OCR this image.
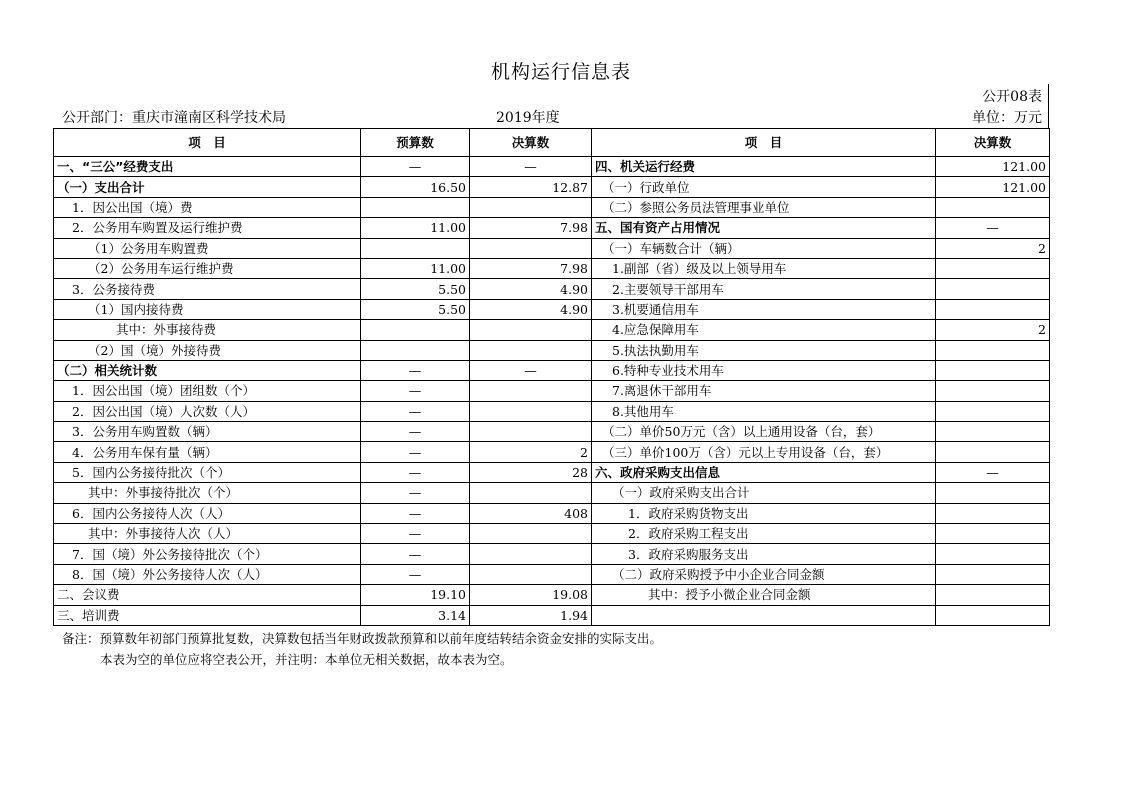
机构运行信息表
公开08表
公开部门：重庆市潼南区科学技术局	2019年度	单位：万元
项　目	预算数	决算数	项　目	决算数
一、“三公”经费支出	—	—	四、机关运行经费	121.00
（一）支出合计	16.50	12.87	（一）行政单位	121.00
1．因公出国（境）费			（二）参照公务员法管理事业单位	
2．公务用车购置及运行维护费	11.00	7.98	五、国有资产占用情况	—
（1）公务用车购置费			（一）车辆数合计（辆）	2
（2）公务用车运行维护费	11.00	7.98	1.副部（省）级及以上领导用车	
3．公务接待费	5.50	4.90	2.主要领导干部用车	
（1）国内接待费	5.50	4.90	3.机要通信用车	
其中：外事接待费			4.应急保障用车	2
（2）国（境）外接待费			5.执法执勤用车	
（二）相关统计数	—	—	6.特种专业技术用车	
1．因公出国（境）团组数（个）	—		7.离退休干部用车	
2．因公出国（境）人次数（人）	—		8.其他用车	
3．公务用车购置数（辆）	—		（二）单价50万元（含）以上通用设备（台，套）	
4．公务用车保有量（辆）	—	2	（三）单价100万（含）元以上专用设备（台，套）	
5．国内公务接待批次（个）	—	28	六、政府采购支出信息	—
其中：外事接待批次（个）	—		（一）政府采购支出合计	
6．国内公务接待人次（人）	—	408	1．政府采购货物支出	
其中：外事接待人次（人）	—		2．政府采购工程支出	
7．国（境）外公务接待批次（个）	—		3．政府采购服务支出	
8．国（境）外公务接待人次（人）	—		（二）政府采购授予中小企业合同金额	
二、会议费	19.10	19.08	其中：授予小微企业合同金额	
三、培训费	3.14	1.94		
备注：预算数年初部门预算批复数，决算数包括当年财政拨款预算和以前年度结转结余资金安排的实际支出。
本表为空的单位应将空表公开，并注明：本单位无相关数据，故本表为空。
